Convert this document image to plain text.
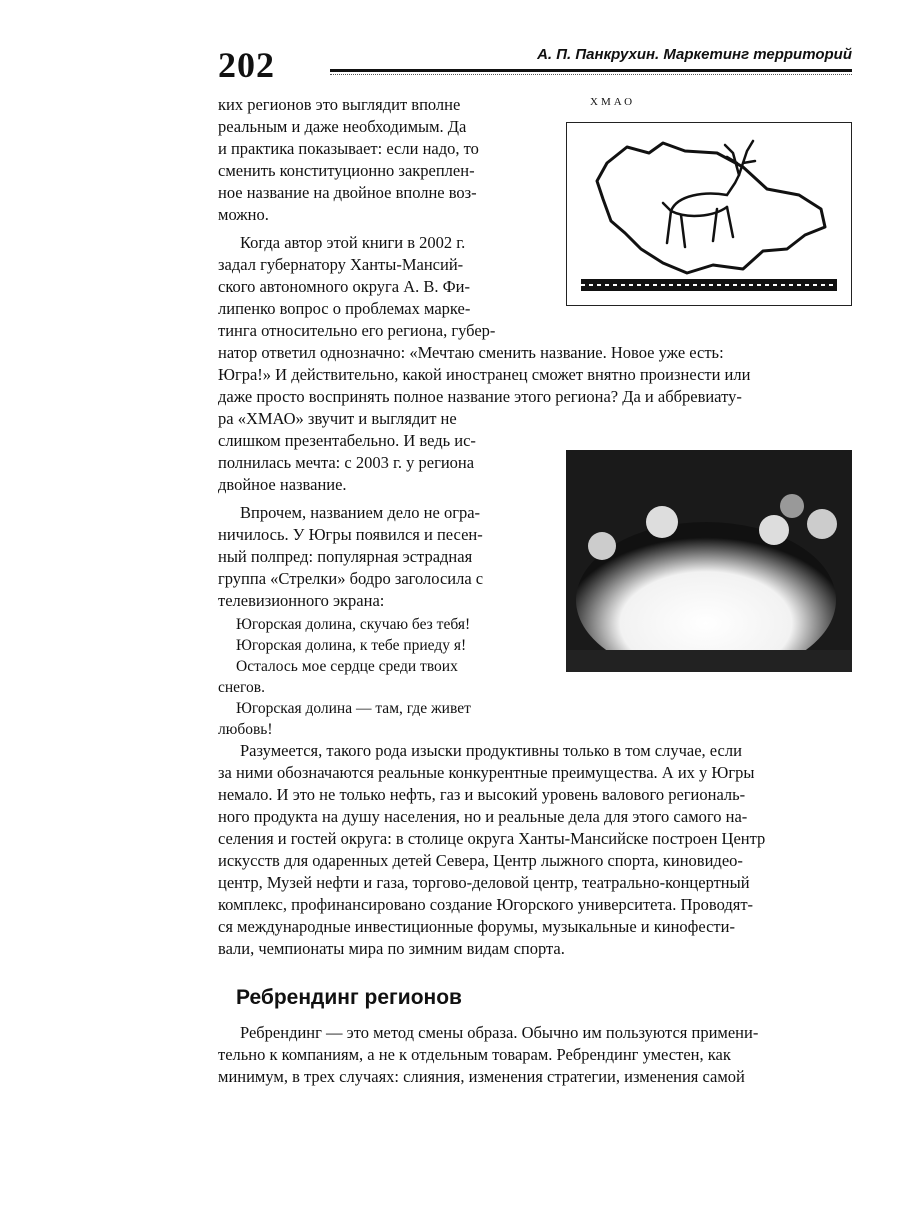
202	А. П. Панкрухин. Маркетинг территорий
ХМАО
ких регионов это выглядит вполне
реальным и даже необходимым. Да
и практика показывает: если надо, то
сменить конституционно закреплен-
ное название на двойное вполне воз-
можно.
Когда автор этой книги в 2002 г.
задал губернатору Ханты-Мансий-
ского автономного округа А. В. Фи-
липенко вопрос о проблемах марке-
тинга относительно его региона, губер-
натор ответил однозначно: «Мечтаю сменить название. Новое уже есть:
Югра!» И действительно, какой иностранец сможет внятно произнести или
даже просто воспринять полное название этого региона? Да и аббревиату-
ра «ХМАО» звучит и выглядит не
слишком презентабельно. И ведь ис-
полнилась мечта: с 2003 г. у региона
двойное название.
Впрочем, названием дело не огра-
ничилось. У Югры появился и песен-
ный полпред: популярная эстрадная
группа «Стрелки» бодро заголосила с
телевизионного экрана:
Югорская долина, скучаю без тебя!
Югорская долина, к тебе приеду я!
Осталось мое сердце среди твоих
снегов.
Югорская долина — там, где живет
любовь!
Разумеется, такого рода изыски продуктивны только в том случае, если
за ними обозначаются реальные конкурентные преимущества. А их у Югры
немало. И это не только нефть, газ и высокий уровень валового региональ-
ного продукта на душу населения, но и реальные дела для этого самого на-
селения и гостей округа: в столице округа Ханты-Мансийске построен Центр
искусств для одаренных детей Севера, Центр лыжного спорта, киновидео-
центр, Музей нефти и газа, торгово-деловой центр, театрально-концертный
комплекс, профинансировано создание Югорского университета. Проводят-
ся международные инвестиционные форумы, музыкальные и кинофести-
вали, чемпионаты мира по зимним видам спорта.
Ребрендинг регионов
Ребрендинг — это метод смены образа. Обычно им пользуются примени-
тельно к компаниям, а не к отдельным товарам. Ребрендинг уместен, как
минимум, в трех случаях: слияния, изменения стратегии, изменения самой
